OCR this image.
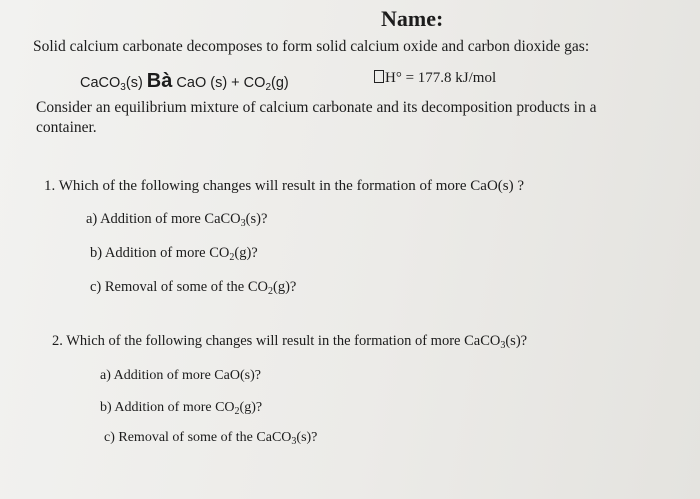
Name:
Solid calcium carbonate decomposes to form solid calcium oxide and carbon dioxide gas:
CaCO$_3$(s) Bà CaO $(s) + CO_2(g)$	H° = 177.8 kJ/mol
Consider an equilibrium mixture of calcium carbonate and its decomposition products in a container.
1. Which of the following changes will result in the formation of more CaO(s) ?
a) Addition of more CaCO$_3$(s)?
b) Addition of more $CO_2(g)$?
c) Removal of some of the $CO_2(g)$?
2. Which of the following changes will result in the formation of more CaCO$_3$(s)?
a) Addition of more CaO(s)?
b) Addition of more $CO_2(g)$?
c) Removal of some of the CaCO$_3$(s)?
